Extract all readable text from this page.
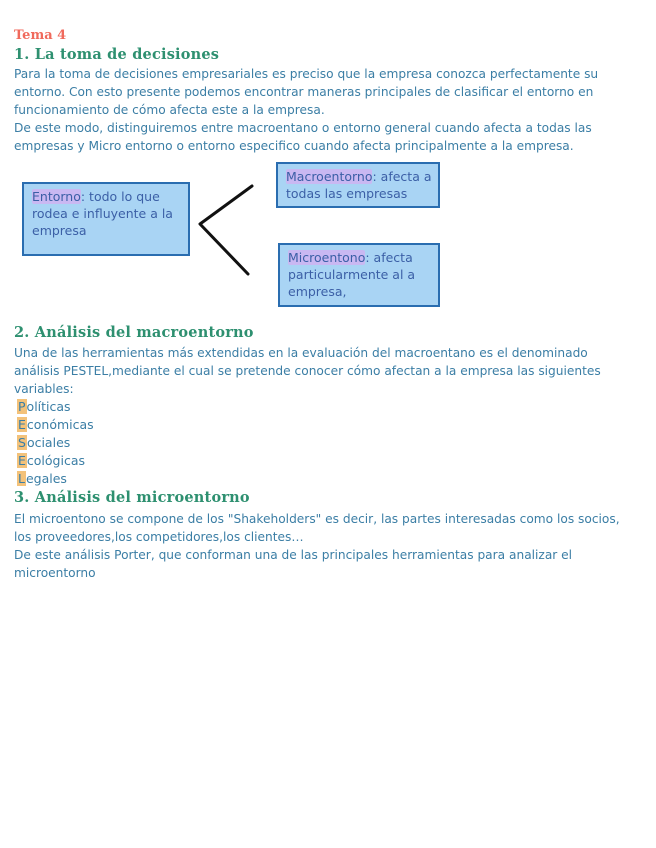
Tema 4
1. La toma de decisiones

Para la toma de decisiones empresariales es preciso que la empresa conozca perfectamente su entorno. Con esto presente podemos encontrar maneras principales de clasificar el entorno en funcionamiento de cómo afecta este a la empresa.

De este modo, distinguiremos entre macroentano o entorno general cuando afecta a todas las empresas y Micro entorno o entorno especifico cuando afecta principalmente a la empresa.

Entorno: todo lo que rodea e influyente a la empresa
Macroentorno: afecta a todas las empresas
Microentono: afecta particularmente al a empresa,
2. Análisis del macroentorno

Una de las herramientas más extendidas en la evaluación del macroentano es el denominado análisis PESTEL,mediante el cual se pretende conocer cómo afectan a la empresa las siguientes variables:

Políticas
Económicas
Sociales
Ecológicas
Legales
3. Análisis del microentorno

El microentono se compone de los "Shakeholders" es decir, las partes interesadas como los socios, los proveedores,los competidores,los clientes…

De este análisis Porter, que conforman una de las principales herramientas para analizar el microentorno
